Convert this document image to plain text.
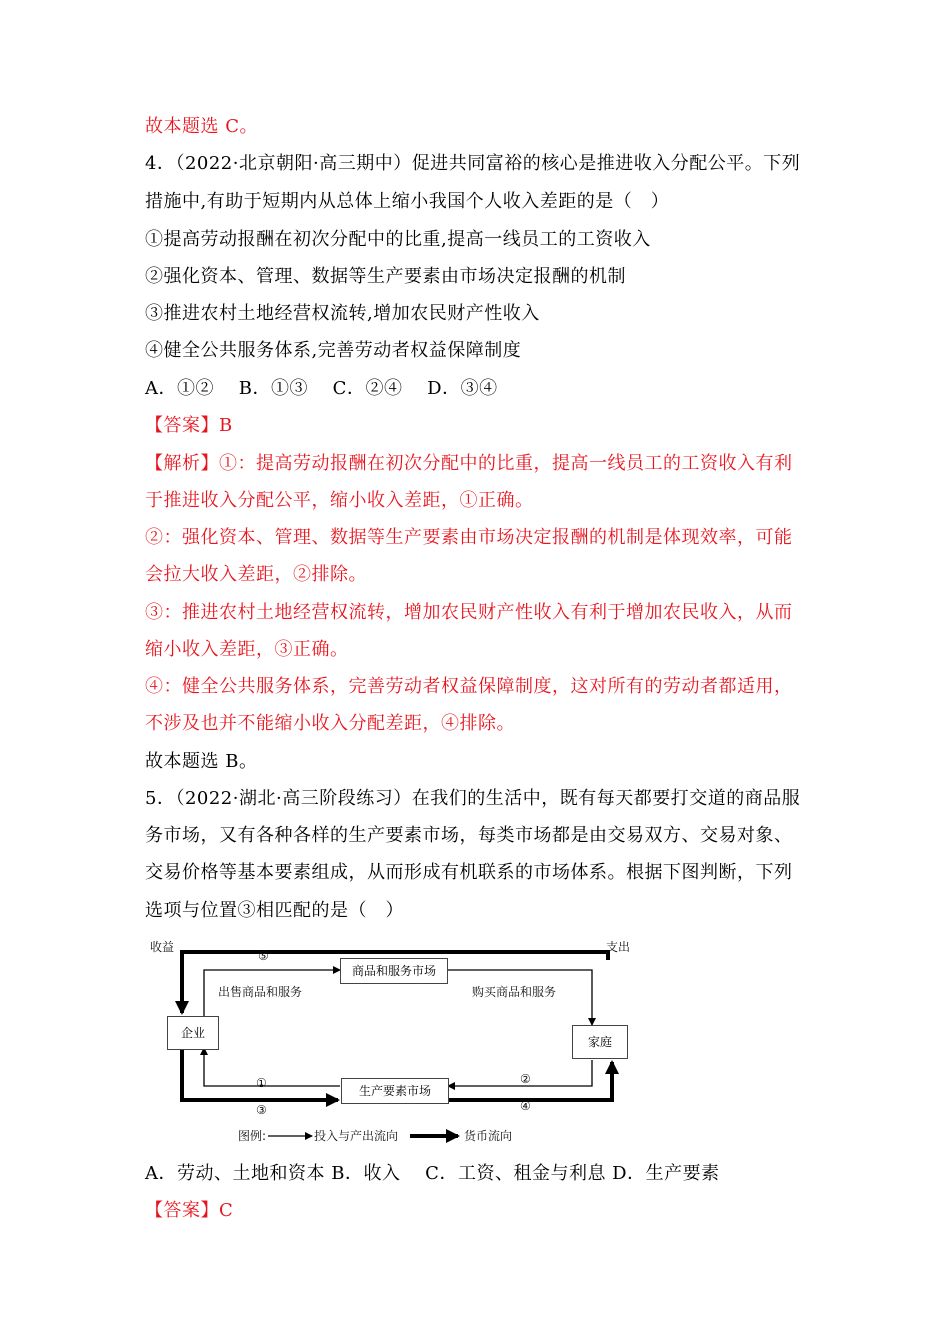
故本题选 C。
4．（2022·北京朝阳·高三期中）促进共同富裕的核心是推进收入分配公平。下列
措施中,有助于短期内从总体上缩小我国个人收入差距的是（　）
①提高劳动报酬在初次分配中的比重,提高一线员工的工资收入
②强化资本、管理、数据等生产要素由市场决定报酬的机制
③推进农村土地经营权流转,增加农民财产性收入
④健全公共服务体系,完善劳动者权益保障制度
A．①②　 B．①③　 C．②④　 D．③④
【答案】B
【解析】①：提高劳动报酬在初次分配中的比重，提高一线员工的工资收入有利
于推进收入分配公平，缩小收入差距，①正确。
②：强化资本、管理、数据等生产要素由市场决定报酬的机制是体现效率，可能
会拉大收入差距，②排除。
③：推进农村土地经营权流转，增加农民财产性收入有利于增加农民收入，从而
缩小收入差距，③正确。
④：健全公共服务体系，完善劳动者权益保障制度，这对所有的劳动者都适用，
不涉及也并不能缩小收入分配差距，④排除。
故本题选 B。
5．（2022·湖北·高三阶段练习）在我们的生活中，既有每天都要打交道的商品服
务市场，又有各种各样的生产要素市场，每类市场都是由交易双方、交易对象、
交易价格等基本要素组成，从而形成有机联系的市场体系。根据下图判断，下列
选项与位置③相匹配的是（　）
收益	支出
⑤
商品和服务市场
出售商品和服务	购买商品和服务
企业
家庭
①	②
生产要素市场
③	④
图例:	投入与产出流向	货币流向
A．劳动、土地和资本 B．收入　 C．工资、租金与利息 D．生产要素
【答案】C
